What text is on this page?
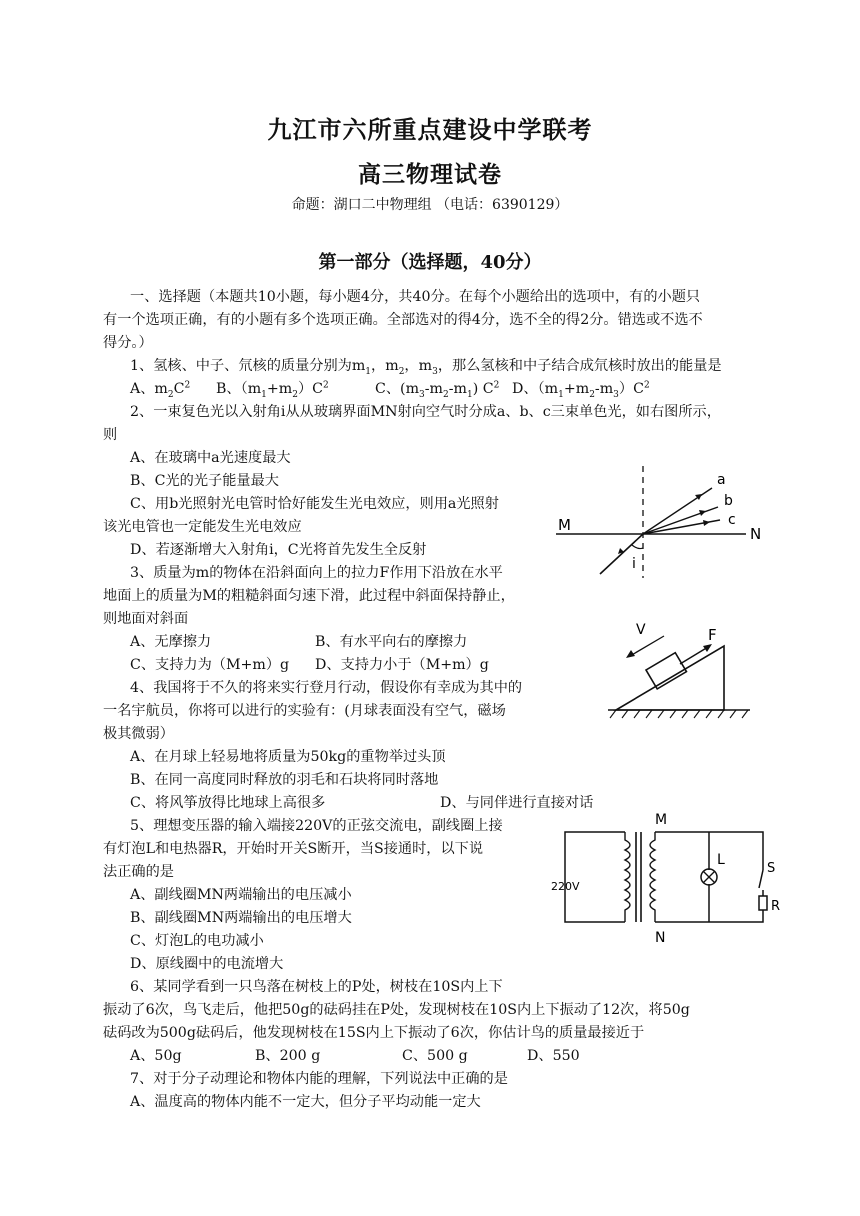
九江市六所重点建设中学联考
高三物理试卷
命题：湖口二中物理组 （电话：6390129）
第一部分（选择题，40分）
一、选择题（本题共10小题，每小题4分，共40分。在每个小题给出的选项中，有的小题只
有一个选项正确，有的小题有多个选项正确。全部选对的得4分，选不全的得2分。错选或不选不
得分。）
1、氢核、中子、氘核的质量分别为$m_1$，$m_2$，$m_3$，那么氢核和中子结合成氘核时放出的能量是
A、$m_2C^2$ B、$(m_1+m_2)C^2$	C、$(m_3-m_2-m_1)$ $C^2$ D、$(m_1+m_2-m_3)C^2$
2、一束复色光以入射角i从从玻璃界面MN射向空气时分成a、b、c三束单色光，如右图所示，
则
A、在玻璃中a光速度最大
B、C光的光子能量最大
C、用b光照射光电管时恰好能发生光电效应，则用a光照射
该光电管也一定能发生光电效应
D、若逐渐增大入射角i，C光将首先发生全反射
a
b
c
M	N
i
3、质量为m的物体在沿斜面向上的拉力F作用下沿放在水平
地面上的质量为M的粗糙斜面匀速下滑，此过程中斜面保持静止，
则地面对斜面
A、无摩擦力	B、有水平向右的摩擦力
C、支持力为（M+m）g D、支持力小于（M+m）g
V	F
4、我国将于不久的将来实行登月行动，假设你有幸成为其中的
一名宇航员，你将可以进行的实验有：(月球表面没有空气，磁场
极其微弱）
A、在月球上轻易地将质量为50kg的重物举过头顶
B、在同一高度同时释放的羽毛和石块将同时落地
C、将风筝放得比地球上高很多	D、与同伴进行直接对话
5、理想变压器的输入端接220V的正弦交流电，副线圈上接
有灯泡L和电热器R，开始时开关S断开，当S接通时，以下说
法正确的是
A、副线圈MN两端输出的电压减小
B、副线圈MN两端输出的电压增大
C、灯泡L的电功减小
D、原线圈中的电流增大
220V
M
N
L
S
R
6、某同学看到一只鸟落在树枝上的P处，树枝在10S内上下
振动了6次，鸟飞走后，他把50g的砝码挂在P处，发现树枝在10S内上下振动了12次，将50g
砝码改为500g砝码后，他发现树枝在15S内上下振动了6次，你估计鸟的质量最接近于
A、50g	B、200 g	C、500 g	D、550
7、对于分子动理论和物体内能的理解，下列说法中正确的是
A、温度高的物体内能不一定大，但分子平均动能一定大
